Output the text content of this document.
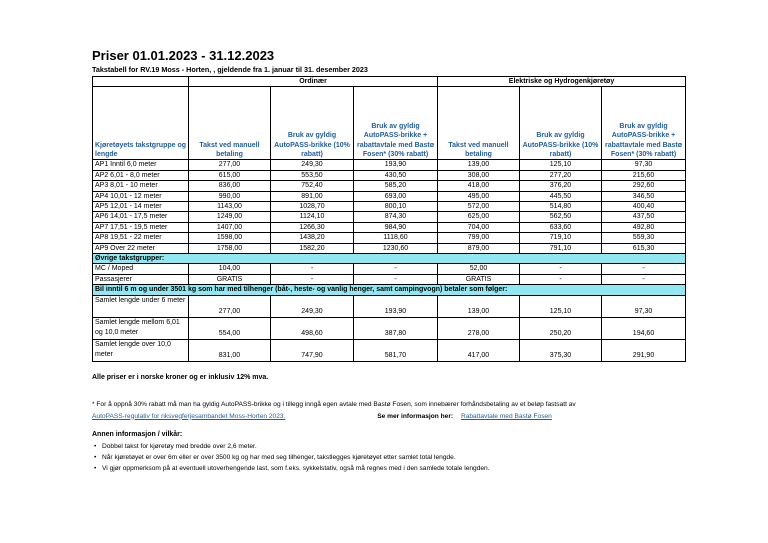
Priser 01.01.2023 - 31.12.2023
Takstabell for RV.19 Moss - Horten, , gjeldende fra 1. januar til 31. desember 2023
	Ordinær			Elektriske og Hydrogenkjøretøy		
Kjøretøyets takstgruppe og lengde	Takst ved manuell betaling	Bruk av gyldig AutoPASS-brikke (10% rabatt)	Bruk av gyldig AutoPASS-brikke + rabattavtale med Bastø Fosen* (30% rabatt)	Takst ved manuell betaling	Bruk av gyldig AutoPASS-brikke (10% rabatt)	Bruk av gyldig AutoPASS-brikke + rabattavtale med Bastø Fosen* (30% rabatt)
AP1 Inntil 6,0 meter	277,00	249,30	193,90	139,00	125,10	97,30
AP2 6,01 - 8,0 meter	615,00	553,50	430,50	308,00	277,20	215,60
AP3 8,01 - 10 meter	836,00	752,40	585,20	418,00	376,20	292,60
AP4 10,01 - 12 meter	990,00	891,00	693,00	495,00	445,50	346,50
AP5 12,01 - 14 meter	1143,00	1028,70	800,10	572,00	514,80	400,40
AP6 14,01 - 17,5 meter	1249,00	1124,10	874,30	625,00	562,50	437,50
AP7 17,51 - 19,5 meter	1407,00	1266,30	984,90	704,00	633,60	492,80
AP8 19,51 - 22 meter	1598,00	1438,20	1118,60	799,00	719,10	559,30
AP9 Over 22 meter	1758,00	1582,20	1230,60	879,00	791,10	615,30
Øvrige takstgrupper:						
MC / Moped	104,00	-	-	52,00	-	-
Passasjerer	GRATIS	-	-	GRATIS	-	-
Bil inntil 6 m og under 3501 kg som har med tilhenger (båt-, heste- og vanlig henger, samt campingvogn) betaler som følger:						
Samlet lengde under 6 meter	277,00	249,30	193,90	139,00	125,10	97,30
Samlet lengde mellom 6,01 og 10,0 meter	554,00	498,60	387,80	278,00	250,20	194,60
Samlet lengde over 10,0 meter	831,00	747,90	581,70	417,00	375,30	291,90
Alle priser er i norske kroner og er inklusiv 12% mva.
* For å oppnå 30% rabatt må man ha gyldig AutoPASS-brikke og i tillegg inngå egen avtale med Bastø Fosen, som innebærer forhåndsbetaling av et beløp fastsatt av
AutoPASS-regulativ for riksvegferjesambandet Moss-Horten 2023.	Se mer informasjon her: Rabattavtale med Bastø Fosen
Annen informasjon / vilkår:
• Dobbel takst for kjøretøy med bredde over 2,6 meter.
• Når kjøretøyet er over 6m eller er over 3500 kg og har med seg tilhenger, takstlegges kjøretøyet etter samlet total lengde.
• Vi gjør oppmerksom på at eventuell utoverhengende last, som f.eks. sykkelstativ, også må regnes med i den samlede totale lengden.
